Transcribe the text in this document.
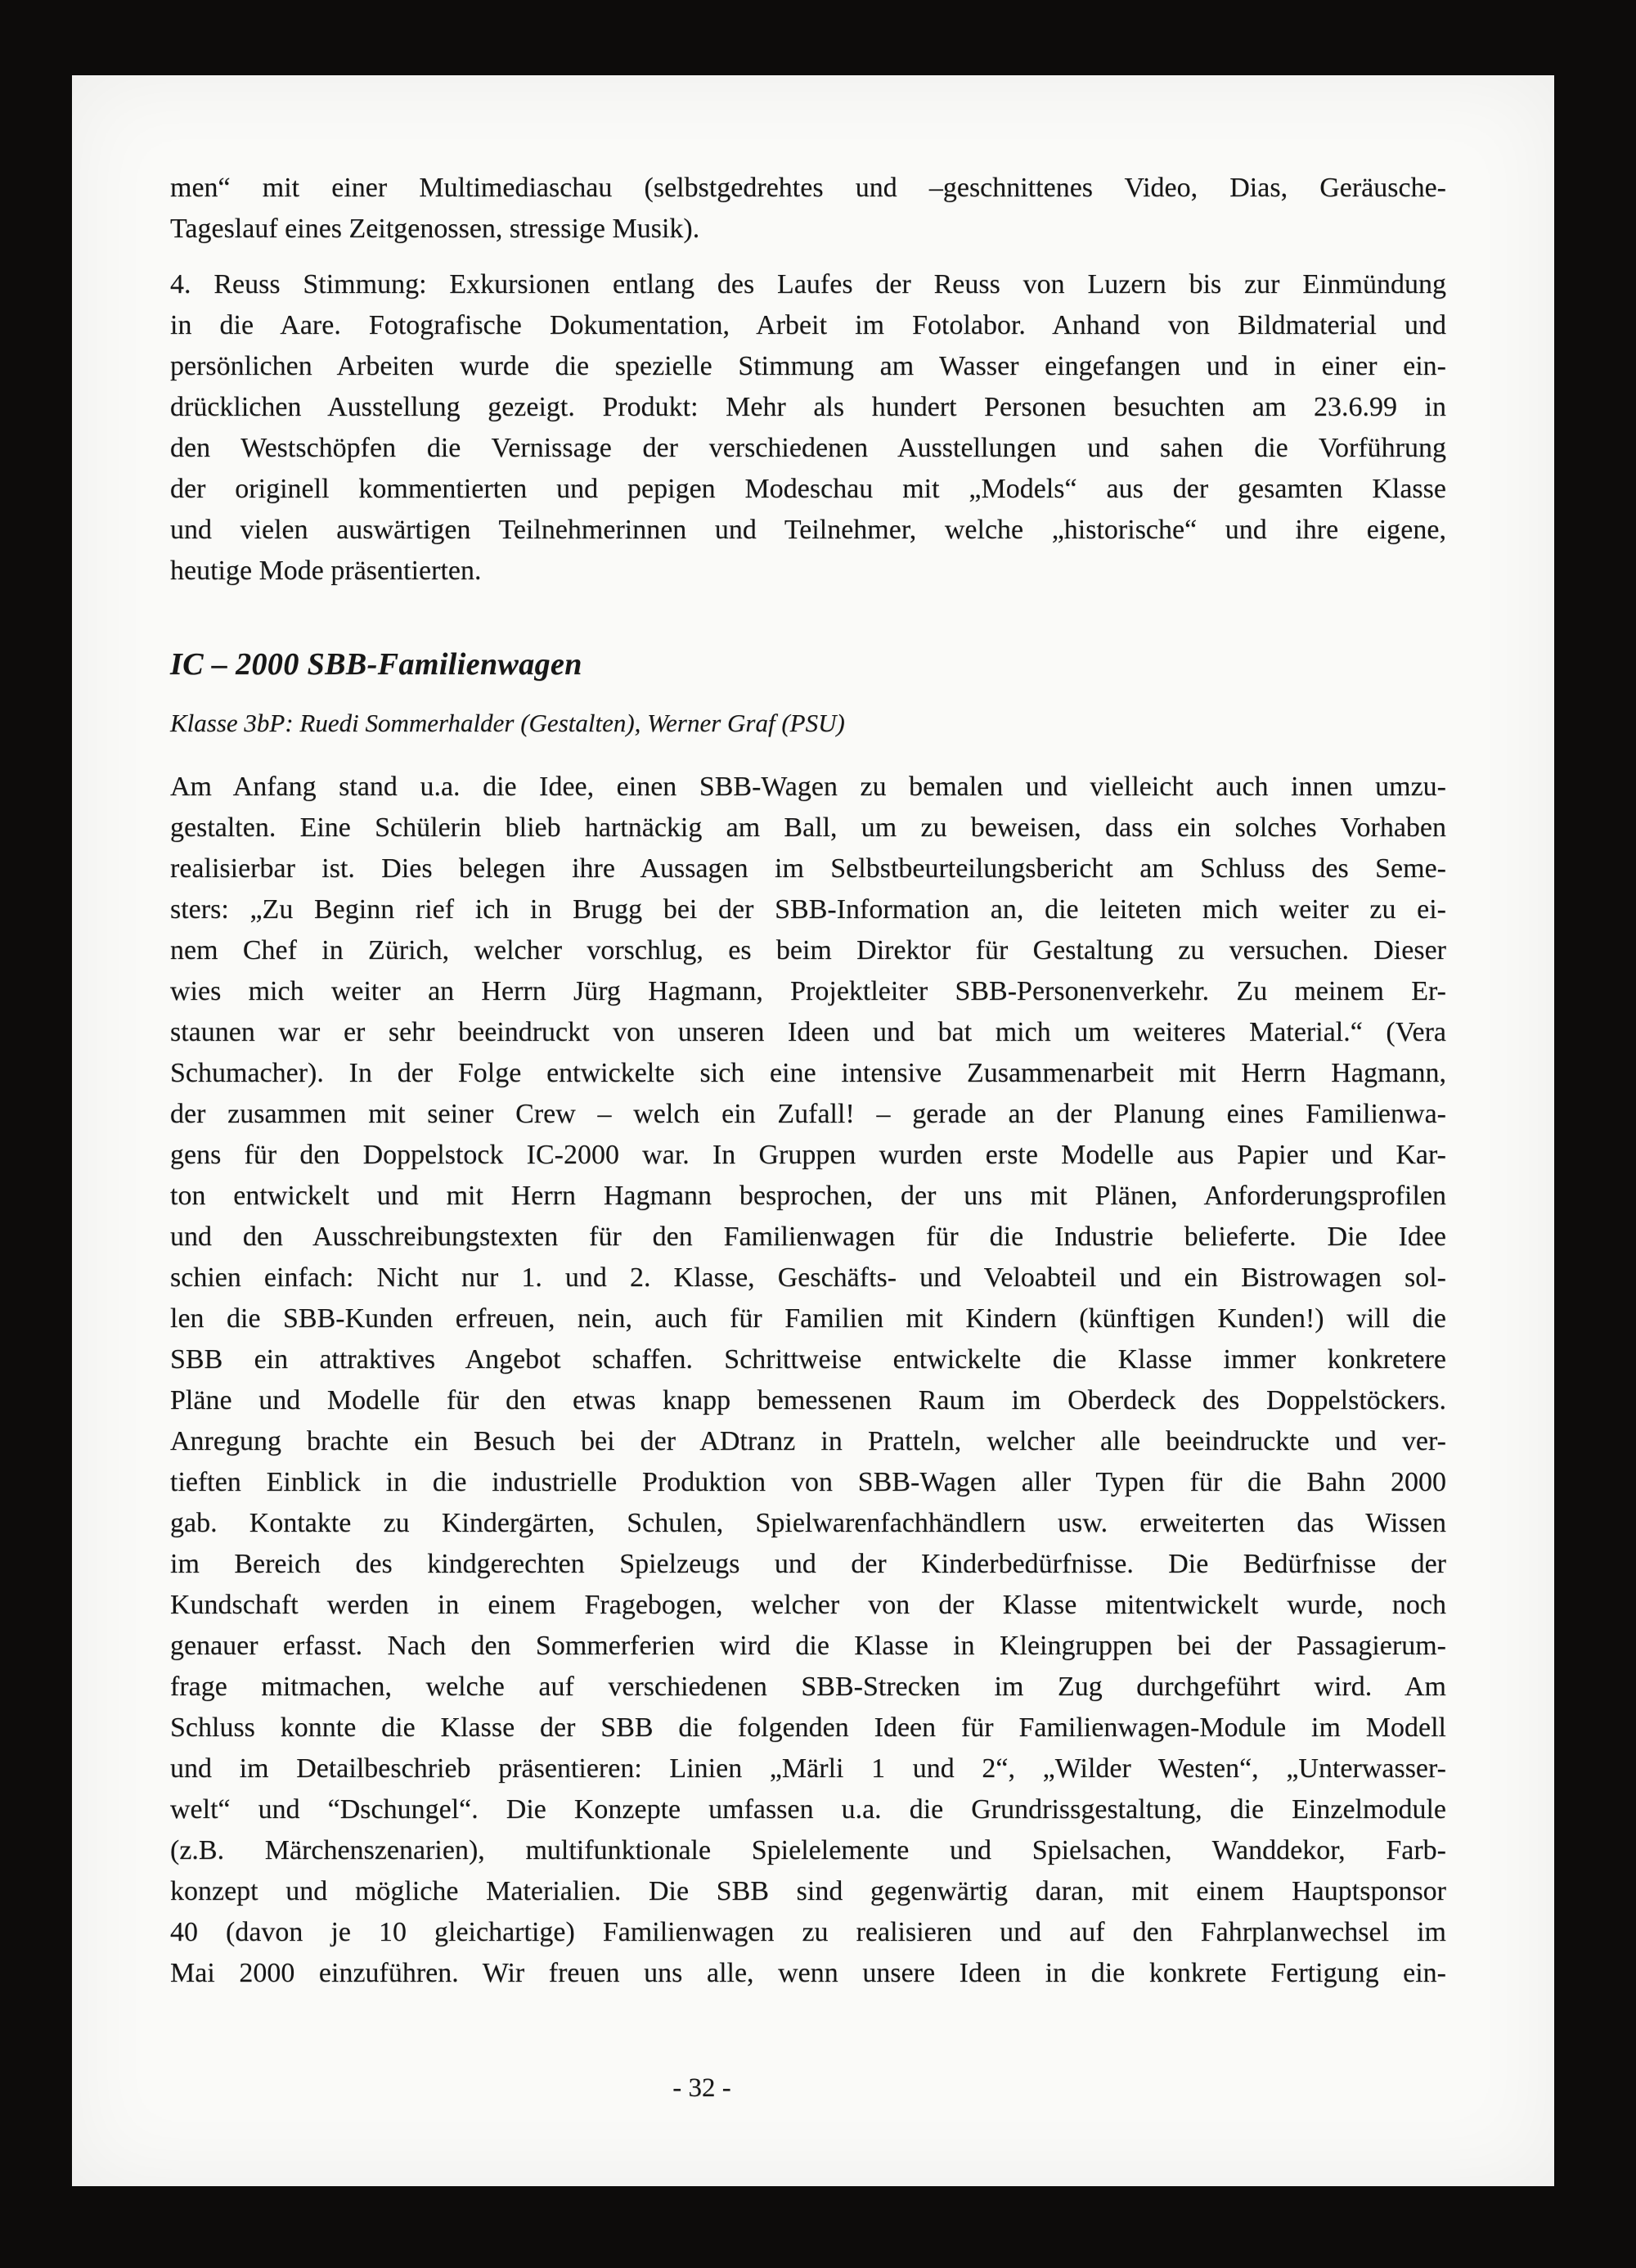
men“ mit einer Multimediaschau (selbstgedrehtes und –geschnittenes Video, Dias, Geräusche-
Tageslauf eines Zeitgenossen, stressige Musik).
4. Reuss Stimmung: Exkursionen entlang des Laufes der Reuss von Luzern bis zur Einmündung
in die Aare. Fotografische Dokumentation, Arbeit im Fotolabor. Anhand von Bildmaterial und
persönlichen Arbeiten wurde die spezielle Stimmung am Wasser eingefangen und in einer ein-
drücklichen Ausstellung gezeigt. Produkt: Mehr als hundert Personen besuchten am 23.6.99 in
den Westschöpfen die Vernissage der verschiedenen Ausstellungen und sahen die Vorführung
der originell kommentierten und pepigen Modeschau mit „Models“ aus der gesamten Klasse
und vielen auswärtigen Teilnehmerinnen und Teilnehmer, welche „historische“ und ihre eigene,
heutige Mode präsentierten.
IC – 2000 SBB-Familienwagen
Klasse 3bP: Ruedi Sommerhalder (Gestalten), Werner Graf (PSU)
Am Anfang stand u.a. die Idee, einen SBB-Wagen zu bemalen und vielleicht auch innen umzu-
gestalten. Eine Schülerin blieb hartnäckig am Ball, um zu beweisen, dass ein solches Vorhaben
realisierbar ist. Dies belegen ihre Aussagen im Selbstbeurteilungsbericht am Schluss des Seme-
sters: „Zu Beginn rief ich in Brugg bei der SBB-Information an, die leiteten mich weiter zu ei-
nem Chef in Zürich, welcher vorschlug, es beim Direktor für Gestaltung zu versuchen. Dieser
wies mich weiter an Herrn Jürg Hagmann, Projektleiter SBB-Personenverkehr. Zu meinem Er-
staunen war er sehr beeindruckt von unseren Ideen und bat mich um weiteres Material.“ (Vera
Schumacher). In der Folge entwickelte sich eine intensive Zusammenarbeit mit Herrn Hagmann,
der zusammen mit seiner Crew – welch ein Zufall! – gerade an der Planung eines Familienwa-
gens für den Doppelstock IC-2000 war. In Gruppen wurden erste Modelle aus Papier und Kar-
ton entwickelt und mit Herrn Hagmann besprochen, der uns mit Plänen, Anforderungsprofilen
und den Ausschreibungstexten für den Familienwagen für die Industrie belieferte. Die Idee
schien einfach: Nicht nur 1. und 2. Klasse, Geschäfts- und Veloabteil und ein Bistrowagen sol-
len die SBB-Kunden erfreuen, nein, auch für Familien mit Kindern (künftigen Kunden!) will die
SBB ein attraktives Angebot schaffen. Schrittweise entwickelte die Klasse immer konkretere
Pläne und Modelle für den etwas knapp bemessenen Raum im Oberdeck des Doppelstöckers.
Anregung brachte ein Besuch bei der ADtranz in Pratteln, welcher alle beeindruckte und ver-
tieften Einblick in die industrielle Produktion von SBB-Wagen aller Typen für die Bahn 2000
gab. Kontakte zu Kindergärten, Schulen, Spielwarenfachhändlern usw. erweiterten das Wissen
im Bereich des kindgerechten Spielzeugs und der Kinderbedürfnisse. Die Bedürfnisse der
Kundschaft werden in einem Fragebogen, welcher von der Klasse mitentwickelt wurde, noch
genauer erfasst. Nach den Sommerferien wird die Klasse in Kleingruppen bei der Passagierum-
frage mitmachen, welche auf verschiedenen SBB-Strecken im Zug durchgeführt wird. Am
Schluss konnte die Klasse der SBB die folgenden Ideen für Familienwagen-Module im Modell
und im Detailbeschrieb präsentieren: Linien „Märli 1 und 2“, „Wilder Westen“, „Unterwasser-
welt“ und “Dschungel“. Die Konzepte umfassen u.a. die Grundrissgestaltung, die Einzelmodule
(z.B. Märchenszenarien), multifunktionale Spielelemente und Spielsachen, Wanddekor, Farb-
konzept und mögliche Materialien. Die SBB sind gegenwärtig daran, mit einem Hauptsponsor
40 (davon je 10 gleichartige) Familienwagen zu realisieren und auf den Fahrplanwechsel im
Mai 2000 einzuführen. Wir freuen uns alle, wenn unsere Ideen in die konkrete Fertigung ein-
- 32 -
